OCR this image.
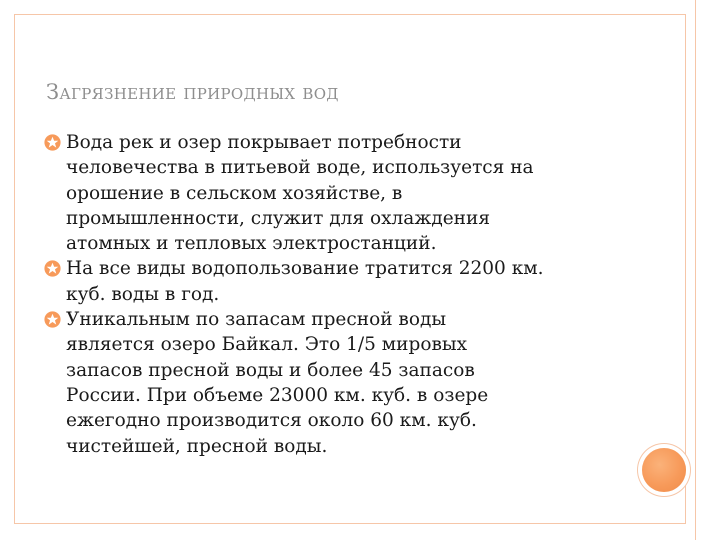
Загрязнение природных вод
Вода рек и озер покрывает потребности
человечества в питьевой воде, используется на
орошение в сельском хозяйстве, в
промышленности, служит для охлаждения
атомных и тепловых электростанций.
На все виды водопользование тратится 2200 км.
куб. воды в год.
Уникальным по запасам пресной воды
является озеро Байкал. Это 1/5 мировых
запасов пресной воды и более 45 запасов
России. При объеме 23000 км. куб. в озере
ежегодно производится около 60 км. куб.
чистейшей, пресной воды.
